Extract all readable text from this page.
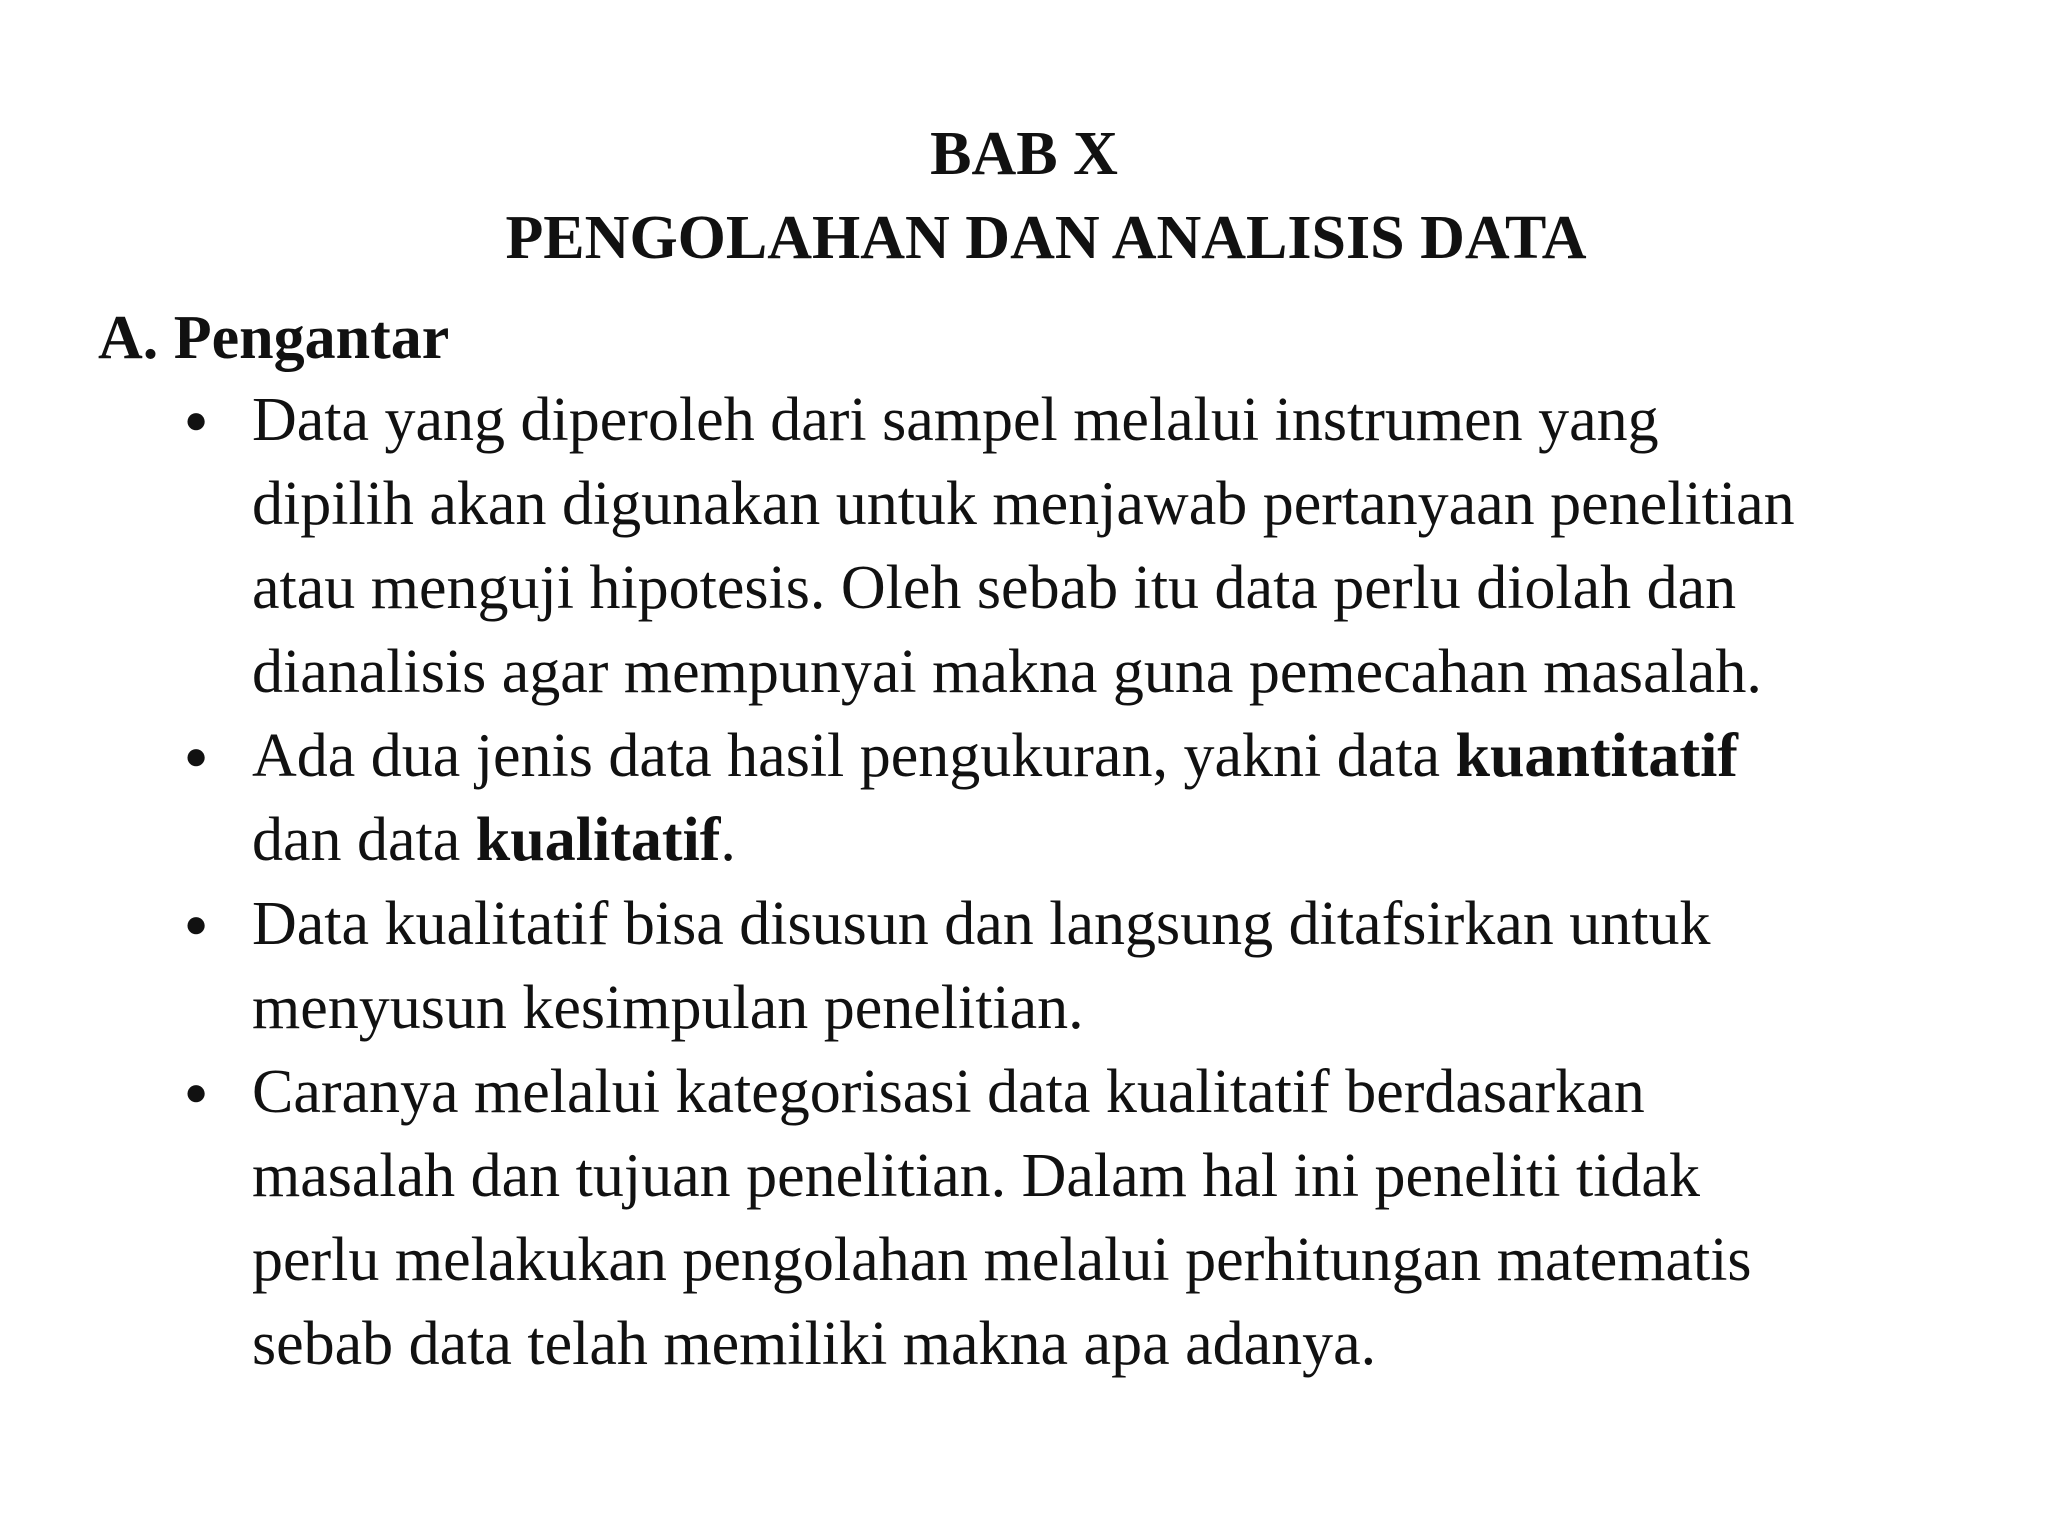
BAB X
PENGOLAHAN DAN ANALISIS DATA
A. Pengantar
● Data yang diperoleh dari sampel melalui instrumen yang
dipilih akan digunakan untuk menjawab pertanyaan penelitian
atau menguji hipotesis. Oleh sebab itu data perlu diolah dan
dianalisis agar mempunyai makna guna pemecahan masalah.
● Ada dua jenis data hasil pengukuran, yakni data kuantitatif
dan data kualitatif.
● Data kualitatif bisa disusun dan langsung ditafsirkan untuk
menyusun kesimpulan penelitian.
● Caranya melalui kategorisasi data kualitatif berdasarkan
masalah dan tujuan penelitian. Dalam hal ini peneliti tidak
perlu melakukan pengolahan melalui perhitungan matematis
sebab data telah memiliki makna apa adanya.
